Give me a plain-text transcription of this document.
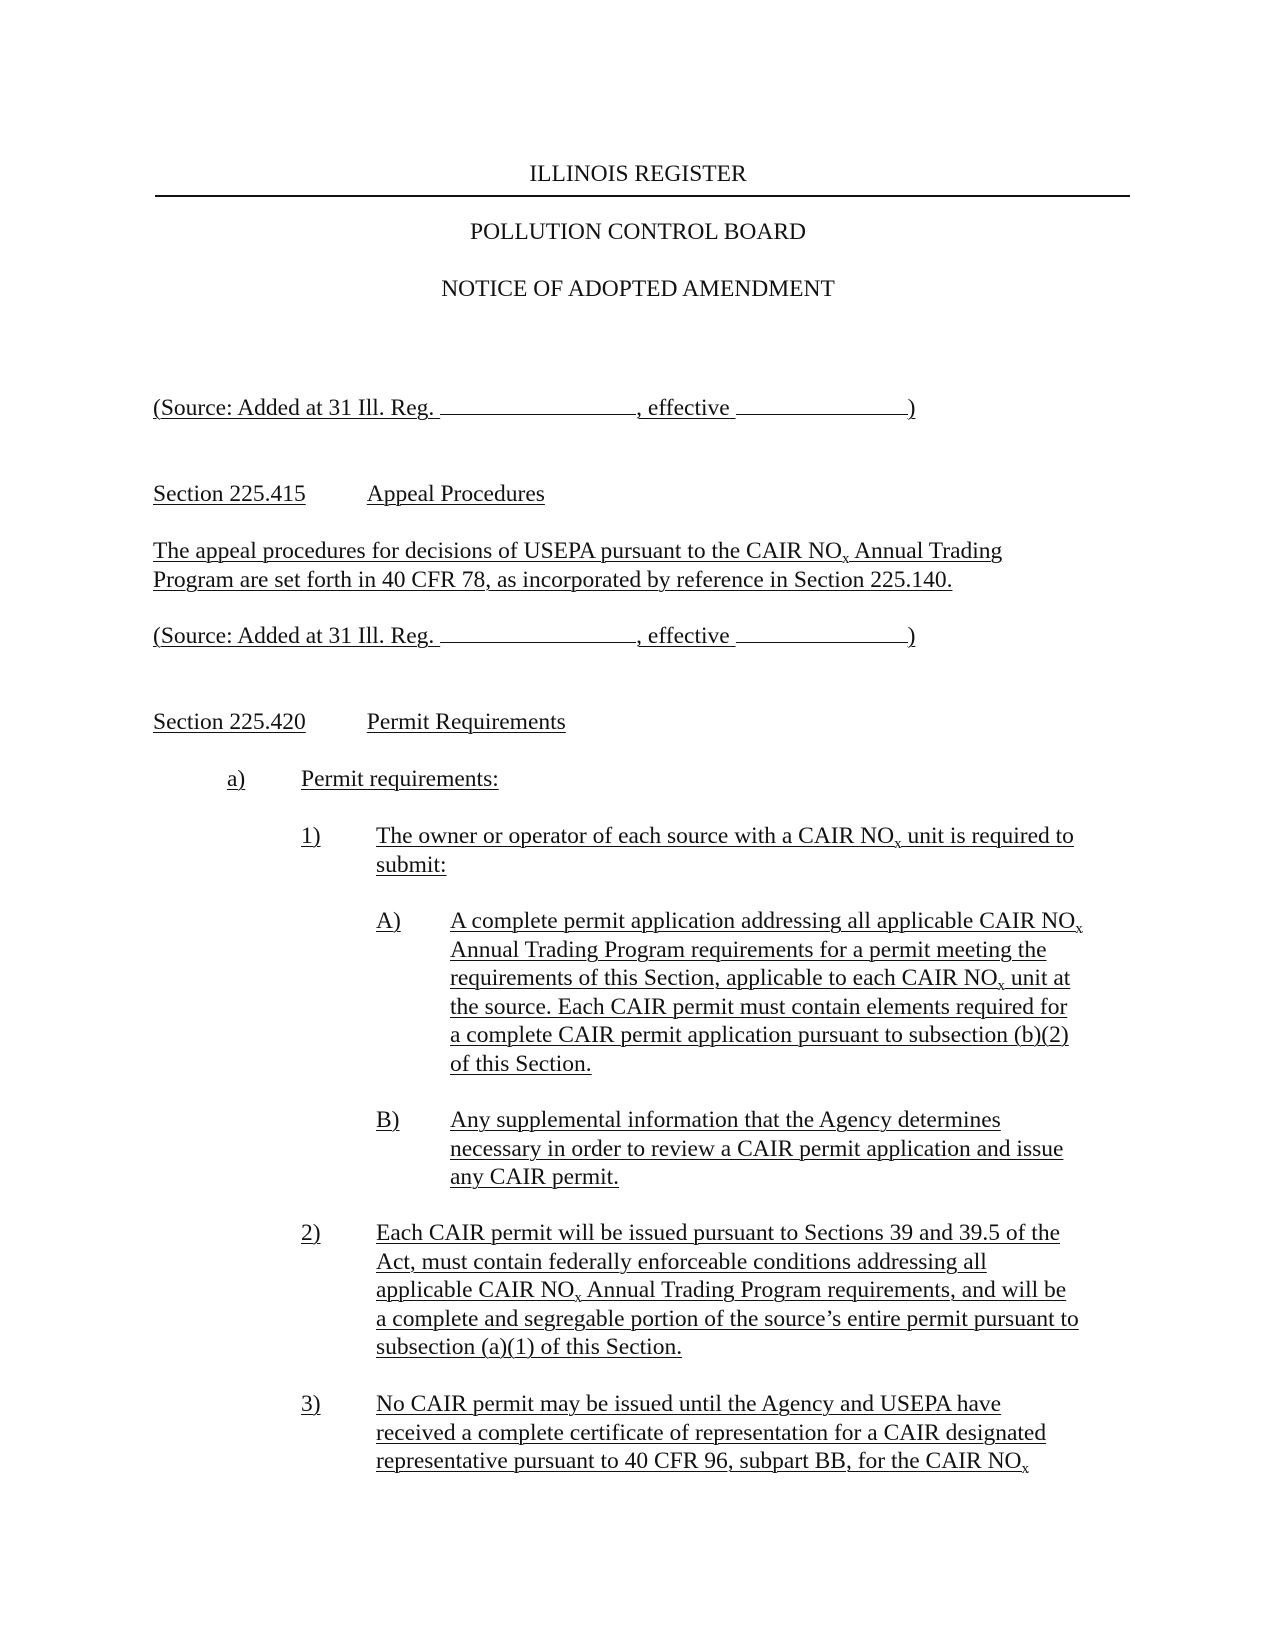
ILLINOIS REGISTER
POLLUTION CONTROL BOARD
NOTICE OF ADOPTED AMENDMENT
(Source: Added at 31 Ill. Reg.	, effective	)
Section 225.415	Appeal Procedures
The appeal procedures for decisions of USEPA pursuant to the CAIR $NO_x$ Annual Trading
Program are set forth in 40 CFR 78, as incorporated by reference in Section 225.140.
(Source: Added at 31 Ill. Reg.	, effective	)
Section 225.420	Permit Requirements
a) Permit requirements:
1) The owner or operator of each source with a CAIR $NO_x$ unit is required to
submit:
A) A complete permit application addressing all applicable CAIR $NO_x$
Annual Trading Program requirements for a permit meeting the
requirements of this Section, applicable to each CAIR $NO_x$ unit at
the source. Each CAIR permit must contain elements required for
a complete CAIR permit application pursuant to subsection (b)(2)
of this Section.
B) Any supplemental information that the Agency determines
necessary in order to review a CAIR permit application and issue
any CAIR permit.
2) Each CAIR permit will be issued pursuant to Sections 39 and 39.5 of the
Act, must contain federally enforceable conditions addressing all
applicable CAIR $NO_x$ Annual Trading Program requirements, and will be
a complete and segregable portion of the source’s entire permit pursuant to
subsection (a)(1) of this Section.
3) No CAIR permit may be issued until the Agency and USEPA have
received a complete certificate of representation for a CAIR designated
representative pursuant to 40 CFR 96, subpart BB, for the CAIR $NO_x$
